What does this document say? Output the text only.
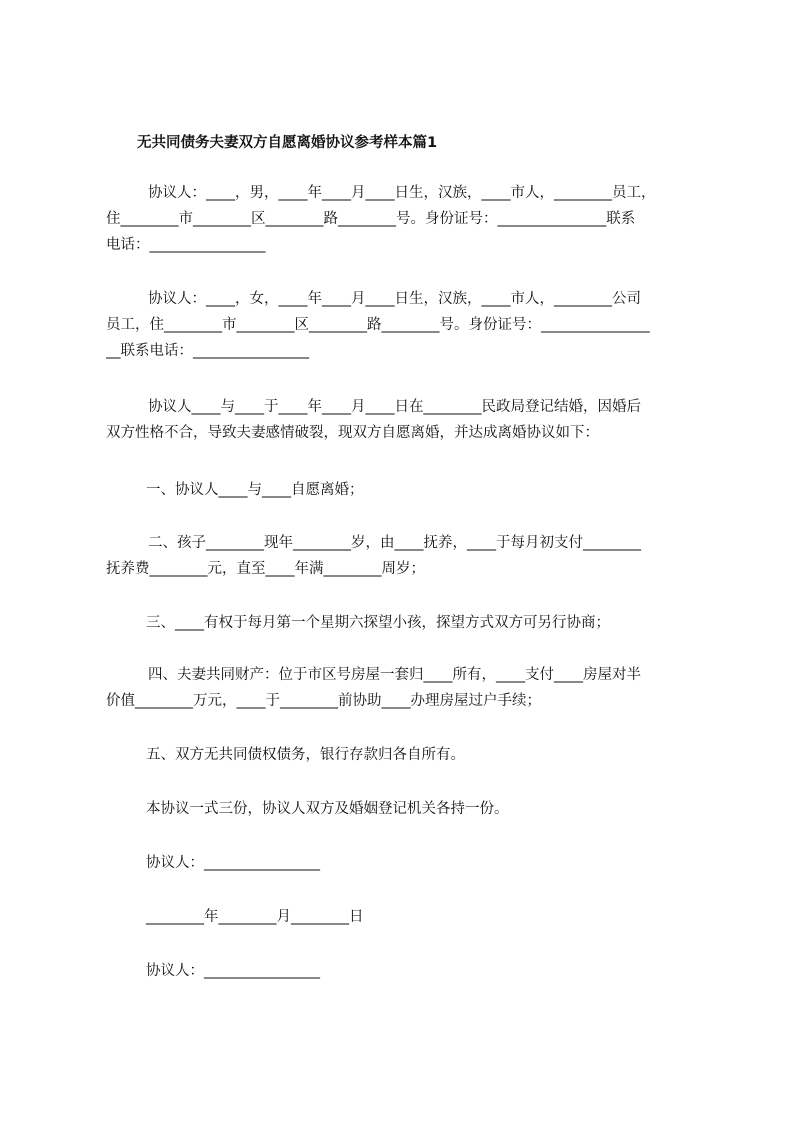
无共同债务夫妻双方自愿离婚协议参考样本篇1
协议人：____，男，____年____月____日生，汉族，____市人，________员工，
住________市________区________路________号。身份证号：_______________联系
电话：________________
协议人：____，女，____年____月____日生，汉族，____市人，________公司
员工，住________市________区________路________号。身份证号：_______________
__联系电话：________________
协议人____与____于____年____月____日在________民政局登记结婚，因婚后
双方性格不合，导致夫妻感情破裂，现双方自愿离婚，并达成离婚协议如下：
一、协议人____与____自愿离婚；
二、孩子________现年________岁，由____抚养，____于每月初支付________
抚养费________元，直至____年满________周岁；
三、____有权于每月第一个星期六探望小孩，探望方式双方可另行协商；
四、夫妻共同财产：位于市区号房屋一套归____所有，____支付____房屋对半
价值________万元，____于________前协助____办理房屋过户手续；
五、双方无共同债权债务，银行存款归各自所有。
本协议一式三份，协议人双方及婚姻登记机关各持一份。
协议人：________________
________年________月________日
协议人：________________
